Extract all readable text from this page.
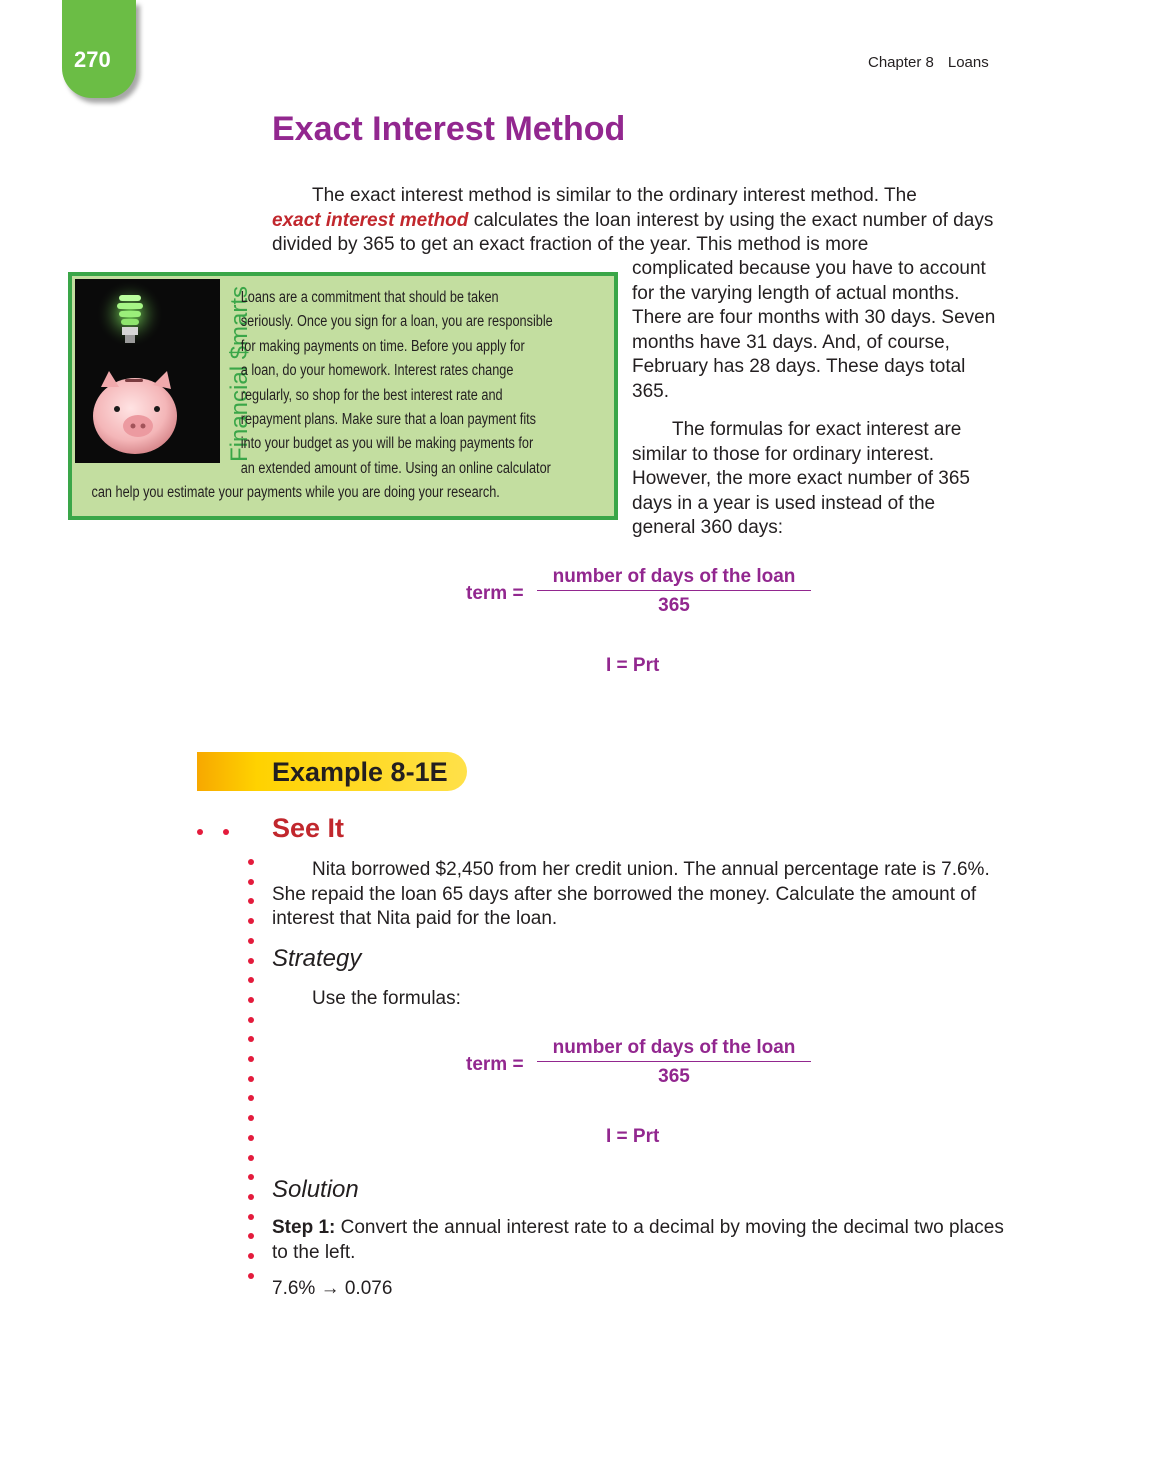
270	Chapter 8 Loans
Exact Interest Method
The exact interest method is similar to the ordinary interest method. The
exact interest method calculates the loan interest by using the exact number of days divided by 365 to get an exact fraction of the year. This method is more
complicated because you have to account for the varying length of actual months. There are four months with 30 days. Seven months have 31 days. And, of course, February has 28 days. These days total 365.
The formulas for exact interest are similar to those for ordinary interest. However, the more exact number of 365 days in a year is used instead of the general 360 days:
Financial $marts
Loans are a commitment that should be taken
seriously. Once you sign for a loan, you are responsible
for making payments on time. Before you apply for
a loan, do your homework. Interest rates change
regularly, so shop for the best interest rate and
repayment plans. Make sure that a loan payment fits
into your budget as you will be making payments for
an extended amount of time. Using an online calculator
can help you estimate your payments while you are doing your research.
term =
number of days of the loan
365
I = Prt
Example 8-1E
See It
Nita borrowed $2,450 from her credit union. The annual percentage rate is 7.6%. She repaid the loan 65 days after she borrowed the money. Calculate the amount of interest that Nita paid for the loan.
Strategy
Use the formulas:
term =
number of days of the loan
365
I = Prt
Solution
Step 1: Convert the annual interest rate to a decimal by moving the decimal two places to the left.
7.6% → 0.076
